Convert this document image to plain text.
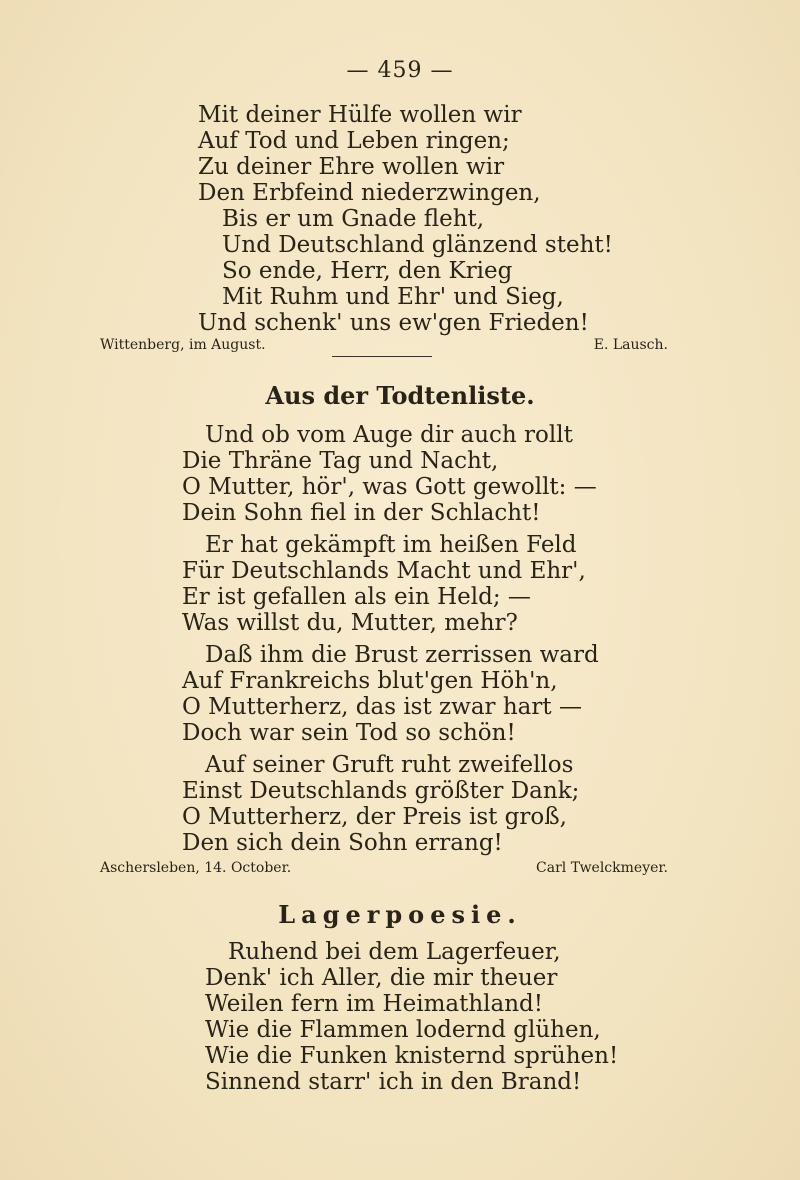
— 459 —
Mit deiner Hülfe wollen wir
Auf Tod und Leben ringen;
Zu deiner Ehre wollen wir
Den Erbfeind niederzwingen,
Bis er um Gnade fleht,
Und Deutschland glänzend steht!
So ende, Herr, den Krieg
Mit Ruhm und Ehr' und Sieg,
Und schenk' uns ew'gen Frieden!
Wittenberg, im August.	E. Lausch.
Aus der Todtenliste.
Und ob vom Auge dir auch rollt
Die Thräne Tag und Nacht,
O Mutter, hör', was Gott gewollt: —
Dein Sohn fiel in der Schlacht!
Er hat gekämpft im heißen Feld
Für Deutschlands Macht und Ehr',
Er ist gefallen als ein Held; —
Was willst du, Mutter, mehr?
Daß ihm die Brust zerrissen ward
Auf Frankreichs blut'gen Höh'n,
O Mutterherz, das ist zwar hart —
Doch war sein Tod so schön!
Auf seiner Gruft ruht zweifellos
Einst Deutschlands größter Dank;
O Mutterherz, der Preis ist groß,
Den sich dein Sohn errang!
Aschersleben, 14. October.	Carl Twelckmeyer.
Lagerpoesie.
Ruhend bei dem Lagerfeuer,
Denk' ich Aller, die mir theuer
Weilen fern im Heimathland!
Wie die Flammen lodernd glühen,
Wie die Funken knisternd sprühen!
Sinnend starr' ich in den Brand!
